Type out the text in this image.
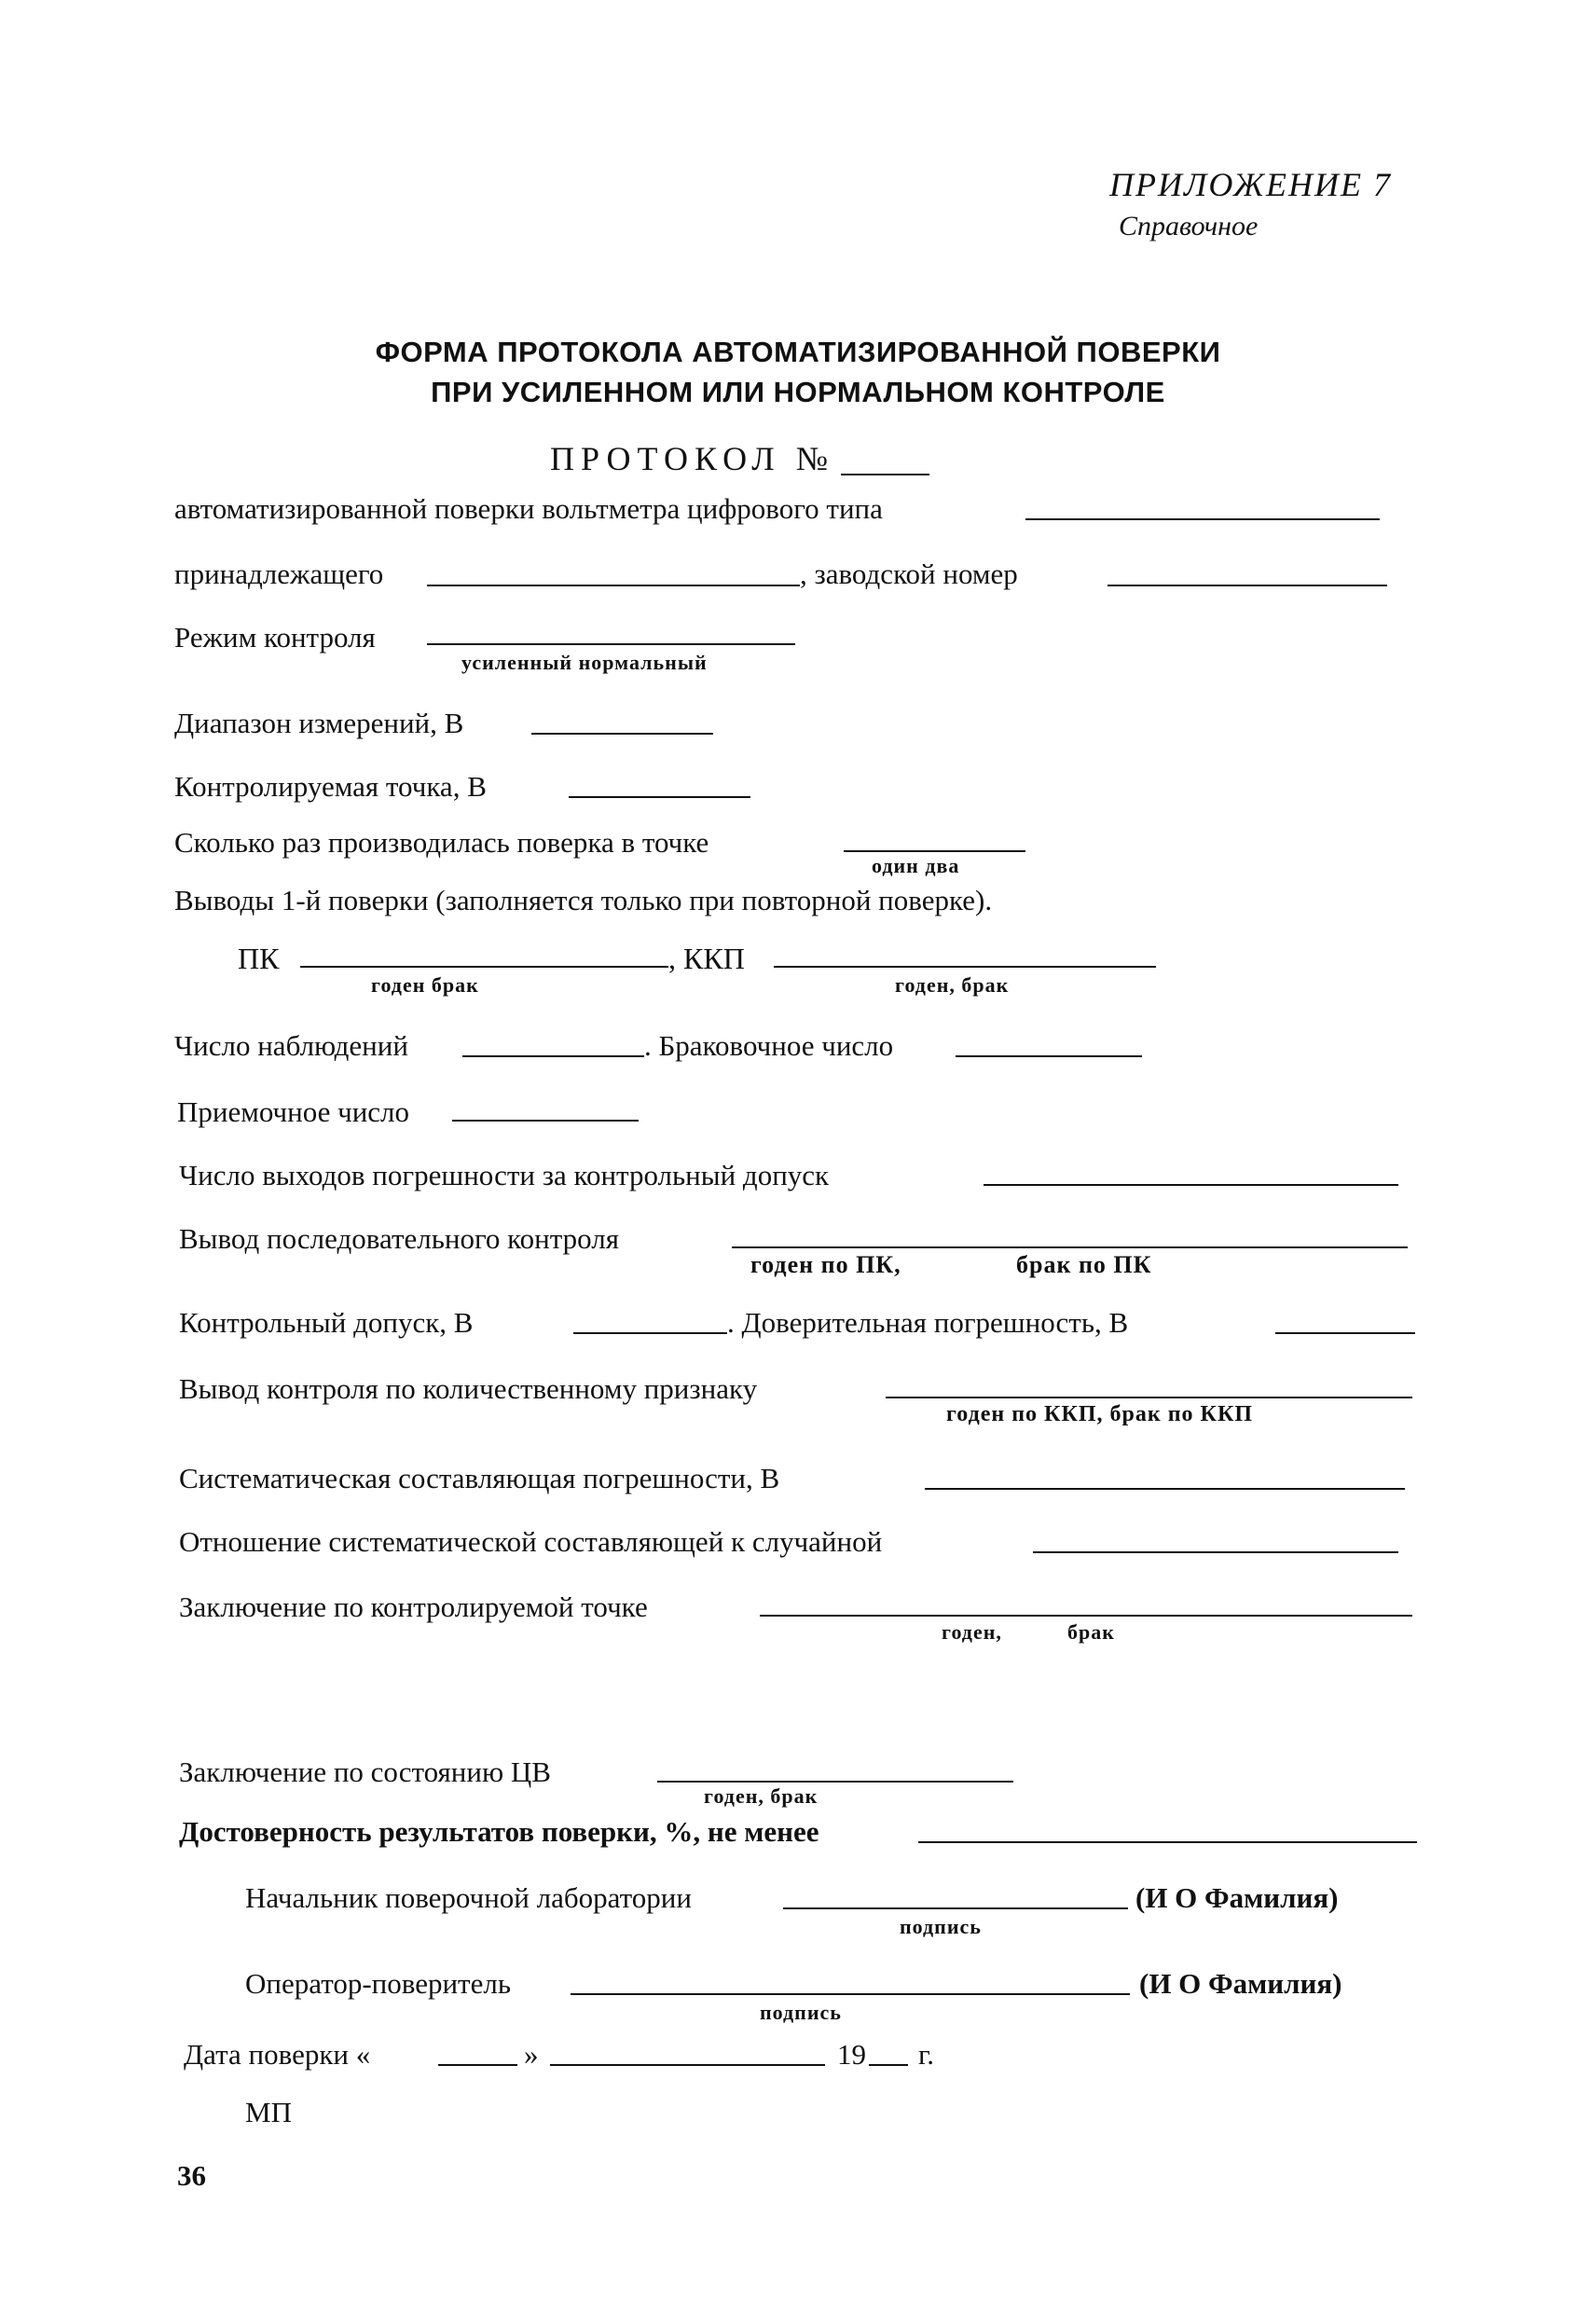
ПРИЛОЖЕНИЕ 7
Справочное
ФОРМА ПРОТОКОЛА АВТОМАТИЗИРОВАННОЙ ПОВЕРКИ
ПРИ УСИЛЕННОМ ИЛИ НОРМАЛЬНОМ КОНТРОЛЕ
ПРОТОКОЛ №
автоматизированной поверки вольтметра цифрового типа
принадлежащего	, заводской номер
Режим контроля
усиленный нормальный
Диапазон измерений, В
Контролируемая точка, В
Сколько раз производилась поверка в точке
один два
Выводы 1-й поверки (заполняется только при повторной поверке).
ПК
годен брак
, ККП
годен, брак
Число наблюдений	. Браковочное число
Приемочное число
Число выходов погрешности за контрольный допуск
Вывод последовательного контроля
годен по ПК,	брак по ПК
Контрольный допуск, В	. Доверительная погрешность, В
Вывод контроля по количественному признаку
годен по ККП, брак по ККП
Систематическая составляющая погрешности, В
Отношение систематической составляющей к случайной
Заключение по контролируемой точке
годен,	брак
Заключение по состоянию ЦВ
годен, брак
Достоверность результатов поверки, %, не менее
Начальник поверочной лаборатории	(И О Фамилия)
подпись
Оператор-поверитель	(И О Фамилия)
подпись
Дата поверки «	»	19 г.
МП
36
